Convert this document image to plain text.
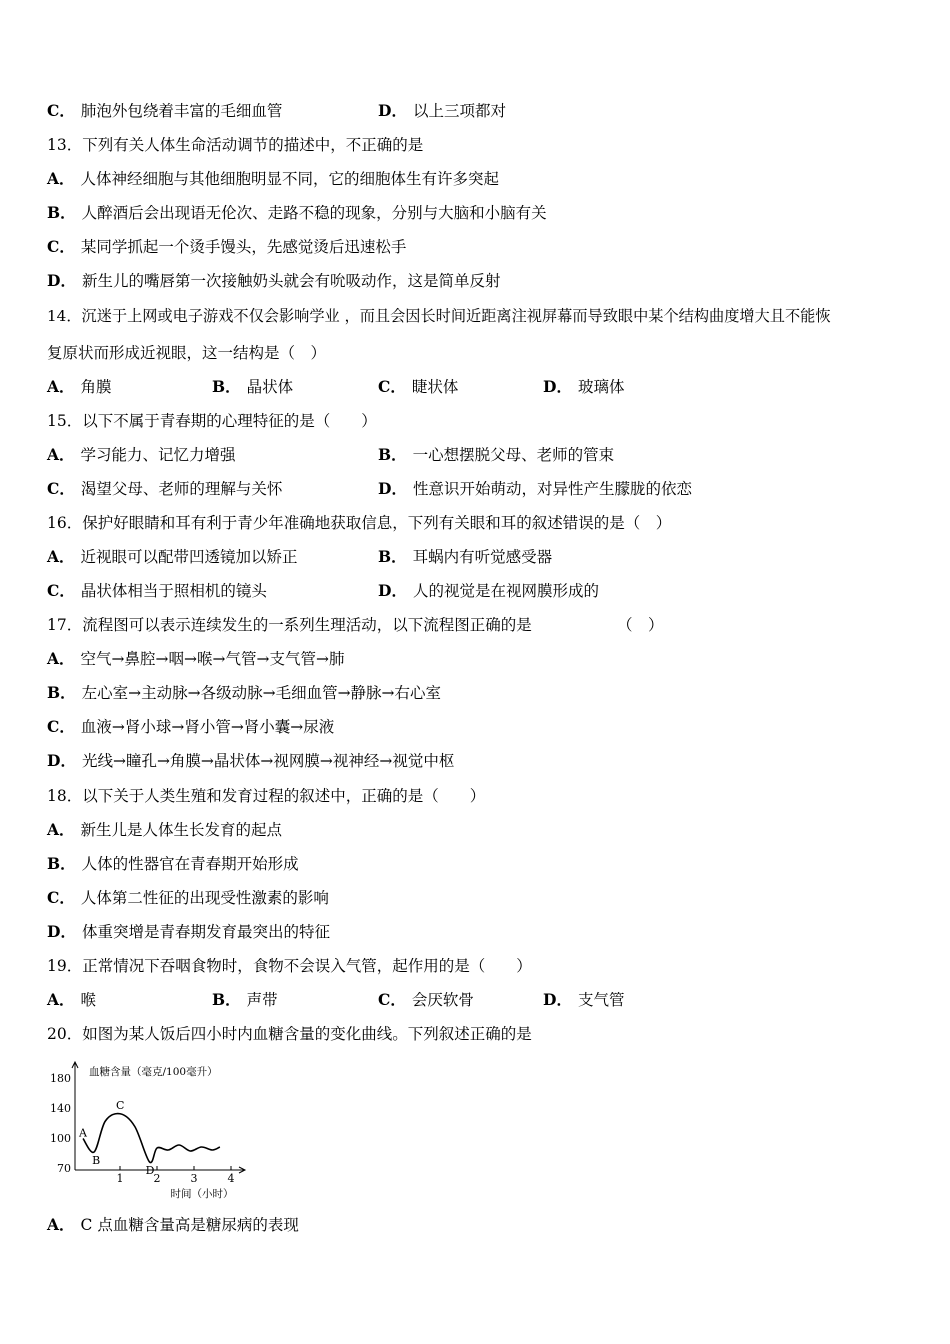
C． 肺泡外包绕着丰富的毛细血管	D． 以上三项都对
13．下列有关人体生命活动调节的描述中，不正确的是
A． 人体神经细胞与其他细胞明显不同，它的细胞体生有许多突起
B． 人醉酒后会出现语无伦次、走路不稳的现象，分别与大脑和小脑有关
C． 某同学抓起一个烫手馒头，先感觉烫后迅速松手
D． 新生儿的嘴唇第一次接触奶头就会有吮吸动作，这是简单反射
14．沉迷于上网或电子游戏不仅会影响学业 ，而且会因长时间近距离注视屏幕而导致眼中某个结构曲度增大且不能恢
复原状而形成近视眼，这一结构是（　）
A． 角膜	B． 晶状体	C． 睫状体	D． 玻璃体
15．以下不属于青春期的心理特征的是（　　）
A． 学习能力、记忆力增强	B． 一心想摆脱父母、老师的管束
C． 渴望父母、老师的理解与关怀	D． 性意识开始萌动，对异性产生朦胧的依恋
16．保护好眼睛和耳有利于青少年准确地获取信息，下列有关眼和耳的叙述错误的是（　）
A． 近视眼可以配带凹透镜加以矫正	B． 耳蜗内有听觉感受器
C． 晶状体相当于照相机的镜头	D． 人的视觉是在视网膜形成的
17．流程图可以表示连续发生的一系列生理活动，以下流程图正确的是	（　）
A． 空气→鼻腔→咽→喉→气管→支气管→肺
B． 左心室→主动脉→各级动脉→毛细血管→静脉→右心室
C． 血液→肾小球→肾小管→肾小囊→尿液
D． 光线→瞳孔→角膜→晶状体→视网膜→视神经→视觉中枢
18．以下关于人类生殖和发育过程的叙述中，正确的是（　　）
A． 新生儿是人体生长发育的起点
B． 人体的性器官在青春期开始形成
C． 人体第二性征的出现受性激素的影响
D． 体重突增是青春期发育最突出的特征
19．正常情况下吞咽食物时，食物不会误入气管，起作用的是（　　）
A． 喉	B． 声带	C． 会厌软骨	D． 支气管
20．如图为某人饭后四小时内血糖含量的变化曲线。下列叙述正确的是
血糖含量（毫克/100毫升）
180
140
100
70
1	2	3	4
时间（小时）
A
B
C
D
A． C 点血糖含量高是糖尿病的表现
